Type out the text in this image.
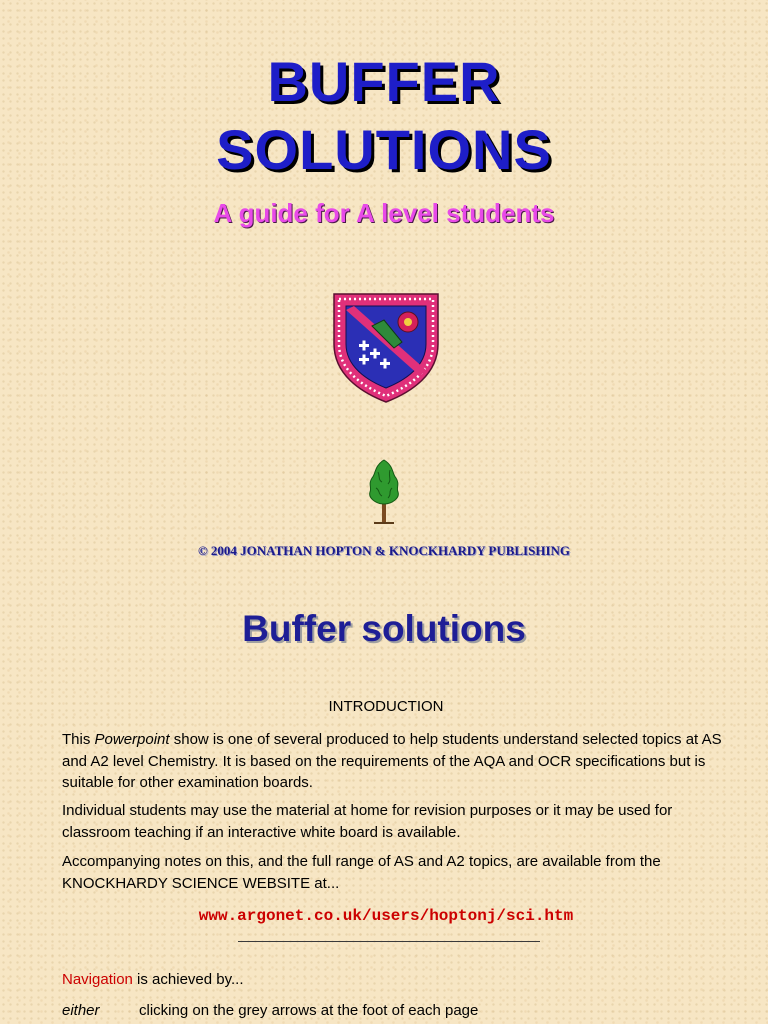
BUFFER
SOLUTIONS
A guide for A level students
© 2004 JONATHAN HOPTON & KNOCKHARDY PUBLISHING
Buffer solutions
INTRODUCTION
This Powerpoint show is one of several produced to help students understand selected topics at AS and A2 level Chemistry. It is based on the requirements of the AQA and OCR specifications but is suitable for other examination boards.
Individual students may use the material at home for revision purposes or it may be used for classroom teaching if an interactive white board is available.
Accompanying notes on this, and the full range of AS and A2 topics, are available from the KNOCKHARDY SCIENCE WEBSITE at...
www.argonet.co.uk/users/hoptonj/sci.htm
Navigation is achieved by...
either	clicking on the grey arrows at the foot of each page
